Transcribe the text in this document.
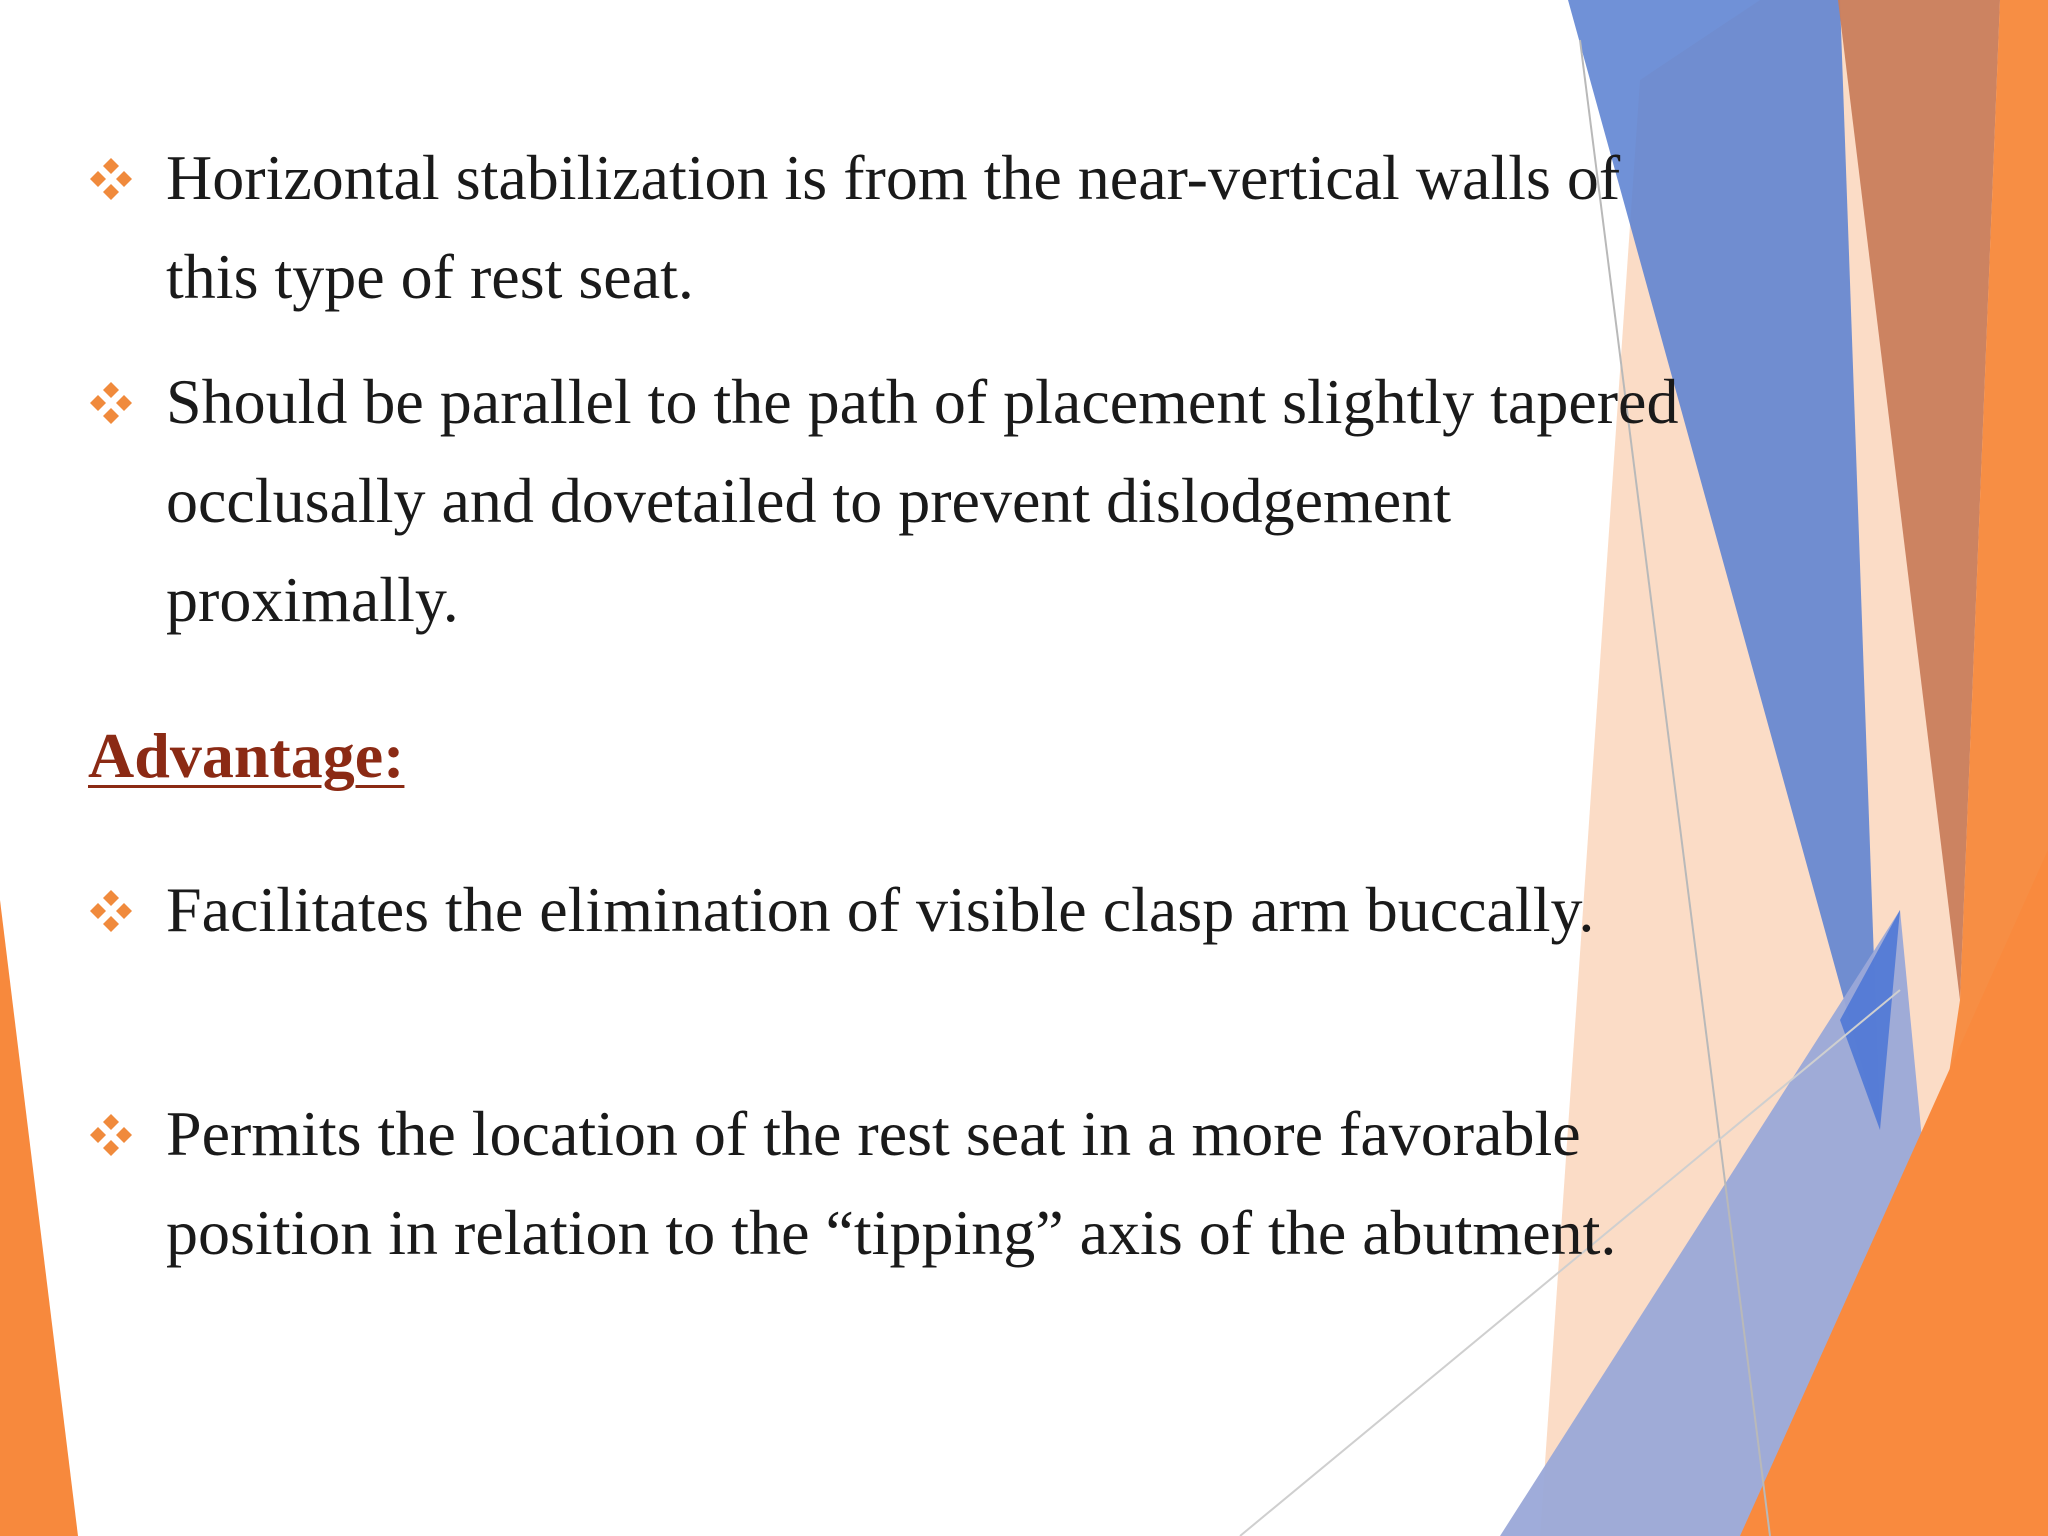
Horizontal stabilization is from the near-vertical walls of this type of rest seat.
Should be parallel to the path of placement slightly tapered occlusally and dovetailed to prevent dislodgement proximally.
Advantage:
Facilitates the elimination of visible clasp arm buccally.
Permits the location of the rest seat in a more favorable position in relation to the “tipping” axis of the abutment.
